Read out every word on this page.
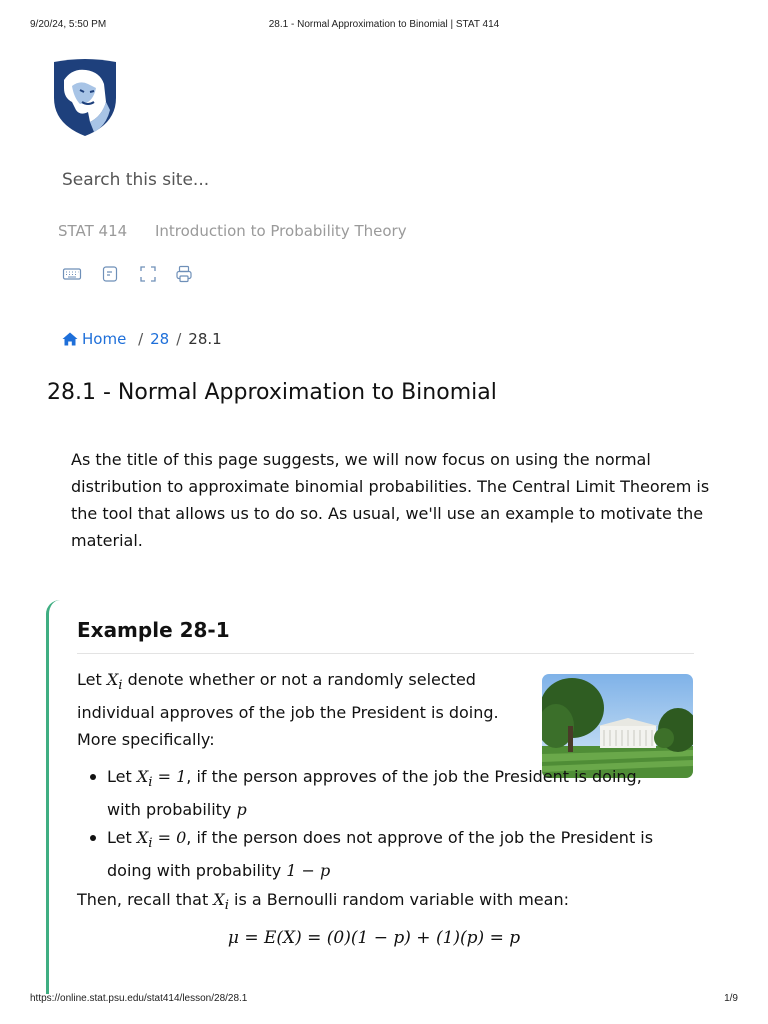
9/20/24, 5:50 PM	28.1 - Normal Approximation to Binomial | STAT 414
Search this site...
STAT 414 Introduction to Probability Theory
Home / 28 / 28.1
28.1 - Normal Approximation to Binomial

As the title of this page suggests, we will now focus on using the normal distribution to approximate binomial probabilities. The Central Limit Theorem is the tool that allows us to do so. As usual, we'll use an example to motivate the material.

Example 28-1
Let $X_i$ denote whether or not a randomly selected individual approves of the job the President is doing. More specifically:
Let $X_i = 1$, if the person approves of the job the President is doing, with probability p
Let $X_i = 0$, if the person does not approve of the job the President is doing with probability 1 − p
Then, recall that $X_i$ is a Bernoulli random variable with mean:
μ = E(X) = (0)(1 − p) + (1)(p) = p
https://online.stat.psu.edu/stat414/lesson/28/28.1	1/9
